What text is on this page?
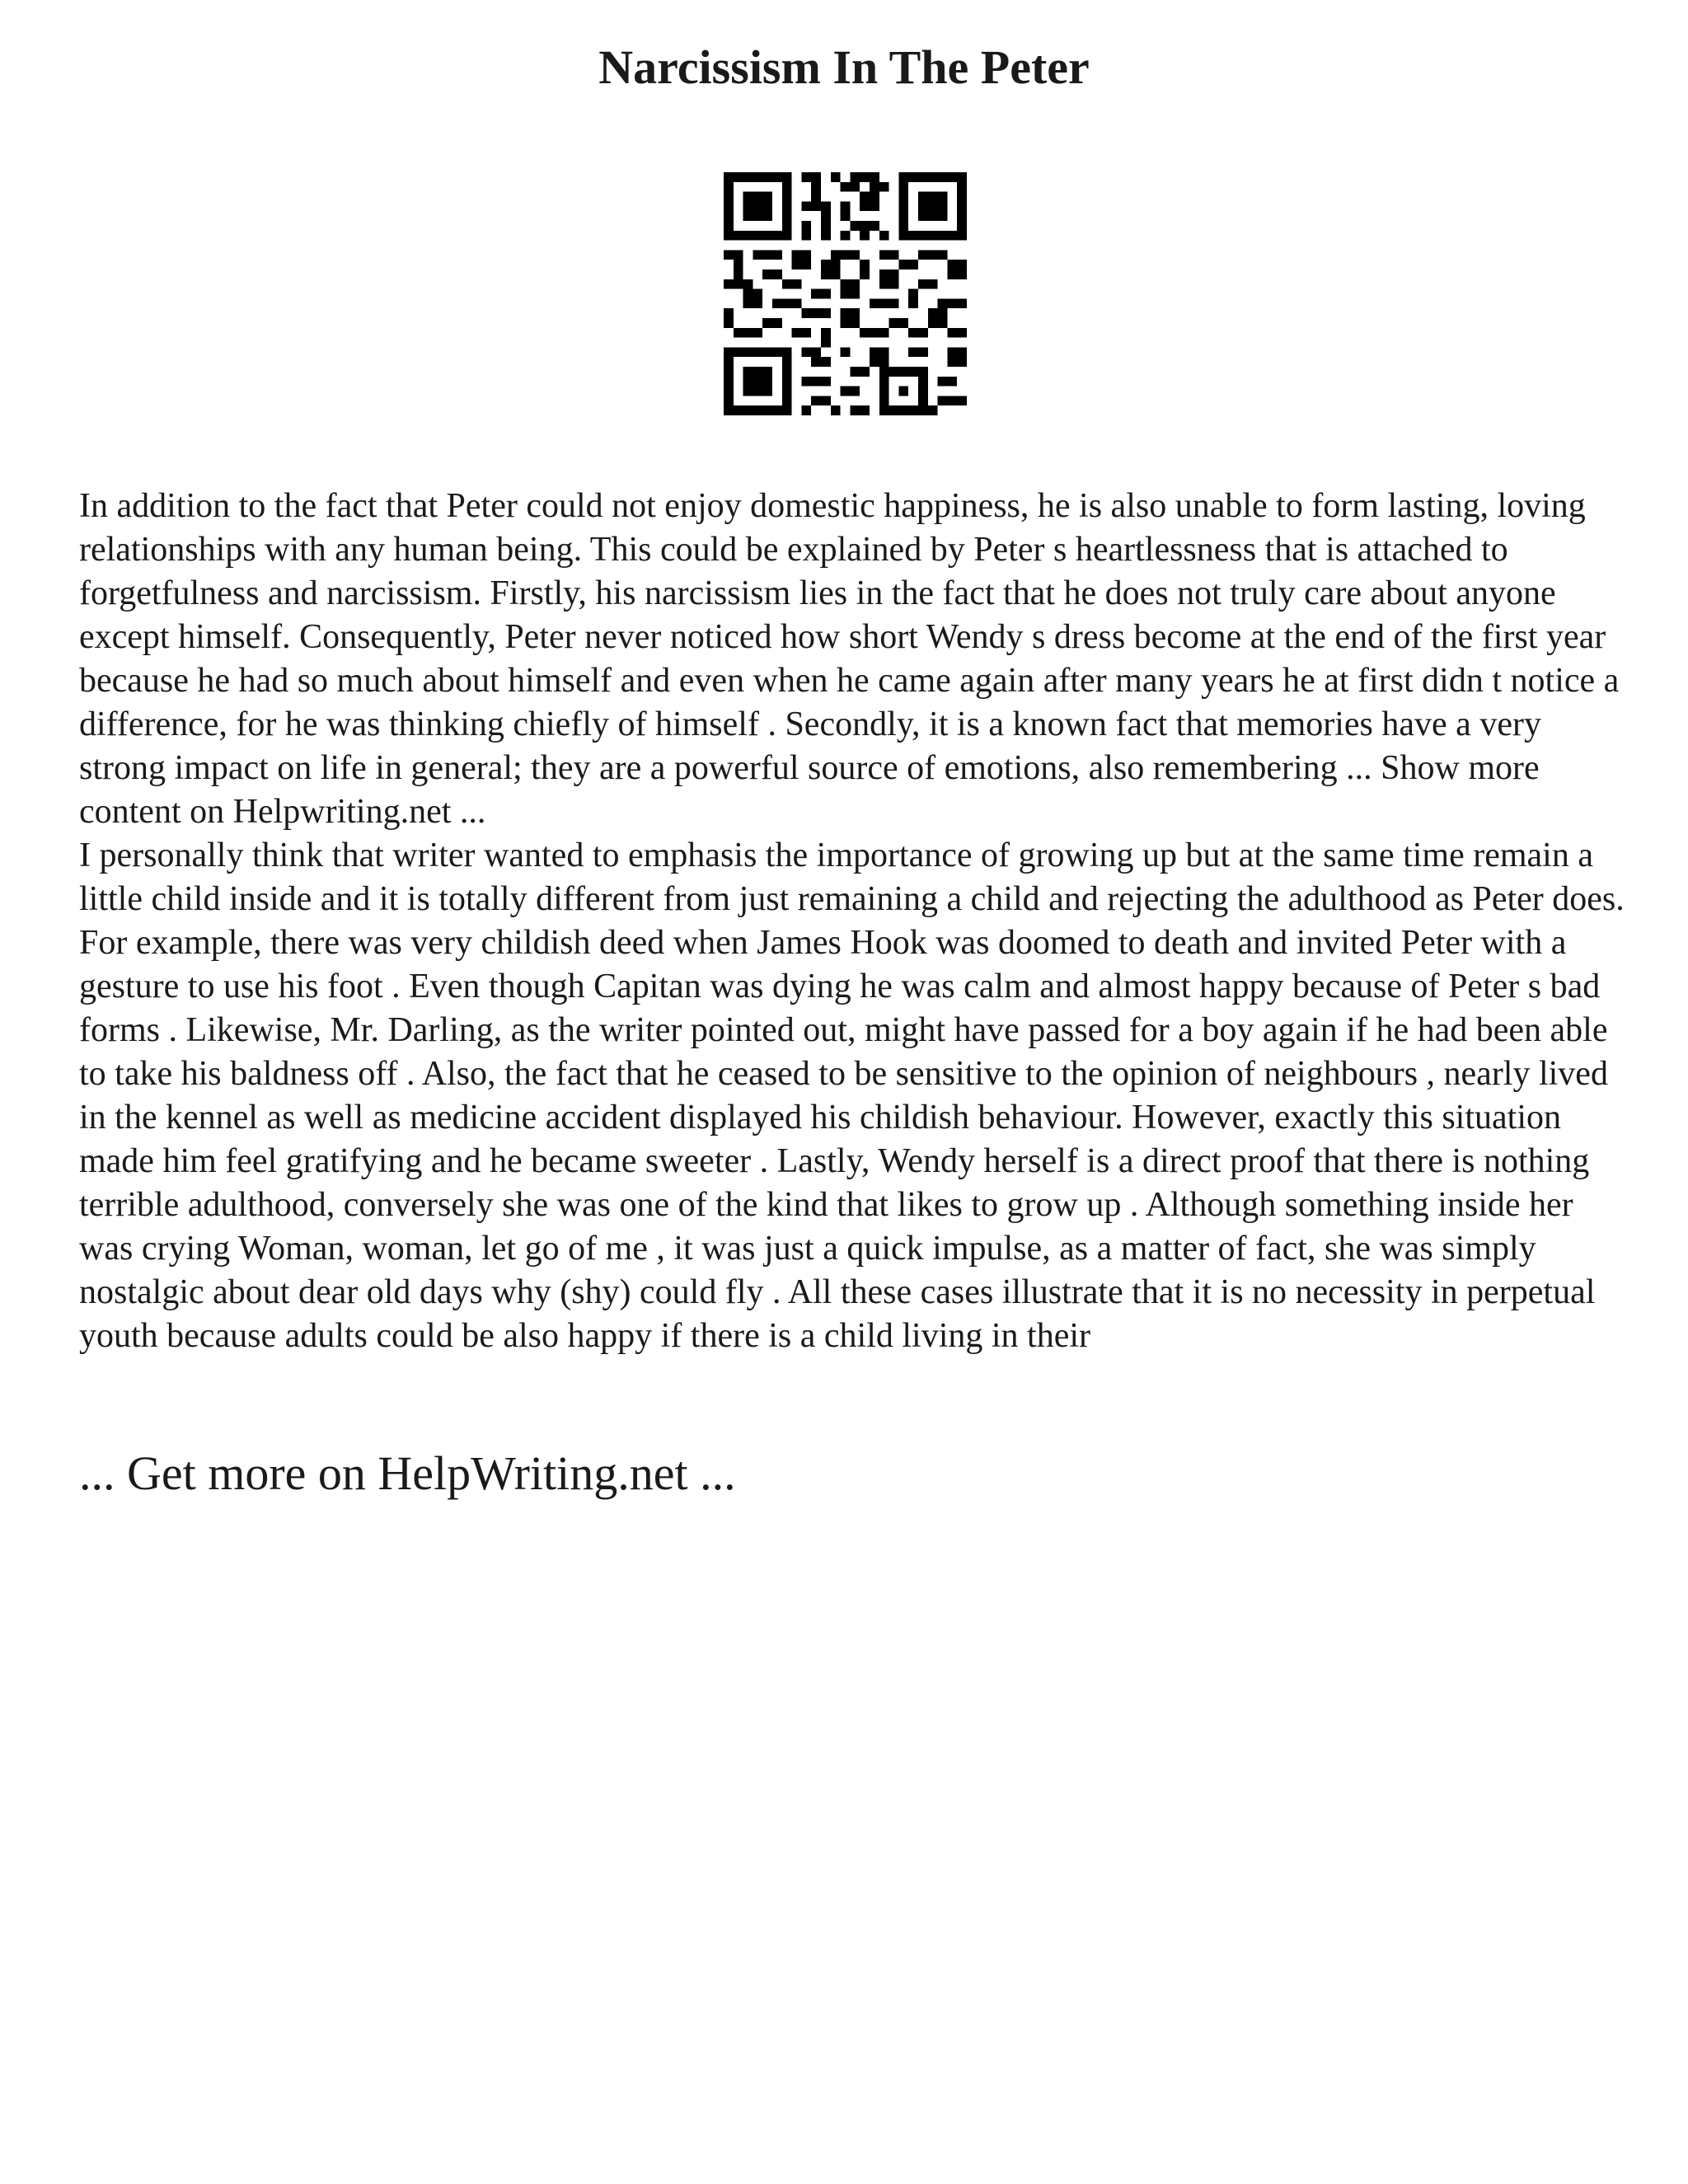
Narcissism In The Peter

In addition to the fact that Peter could not enjoy domestic happiness, he is also unable to form lasting, loving relationships with any human being. This could be explained by Peter s heartlessness that is attached to forgetfulness and narcissism. Firstly, his narcissism lies in the fact that he does not truly care about anyone except himself. Consequently, Peter never noticed how short Wendy s dress become at the end of the first year because he had so much about himself and even when he came again after many years he at first didn t notice a difference, for he was thinking chiefly of himself . Secondly, it is a known fact that memories have a very strong impact on life in general; they are a powerful source of emotions, also remembering ... Show more content on Helpwriting.net ...

I personally think that writer wanted to emphasis the importance of growing up but at the same time remain a little child inside and it is totally different from just remaining a child and rejecting the adulthood as Peter does. For example, there was very childish deed when James Hook was doomed to death and invited Peter with a gesture to use his foot . Even though Capitan was dying he was calm and almost happy because of Peter s bad forms . Likewise, Mr. Darling, as the writer pointed out, might have passed for a boy again if he had been able to take his baldness off . Also, the fact that he ceased to be sensitive to the opinion of neighbours , nearly lived in the kennel as well as medicine accident displayed his childish behaviour. However, exactly this situation made him feel gratifying and he became sweeter . Lastly, Wendy herself is a direct proof that there is nothing terrible adulthood, conversely she was one of the kind that likes to grow up . Although something inside her was crying Woman, woman, let go of me , it was just a quick impulse, as a matter of fact, she was simply nostalgic about dear old days why (shy) could fly . All these cases illustrate that it is no necessity in perpetual youth because adults could be also happy if there is a child living in their

... Get more on HelpWriting.net ...
